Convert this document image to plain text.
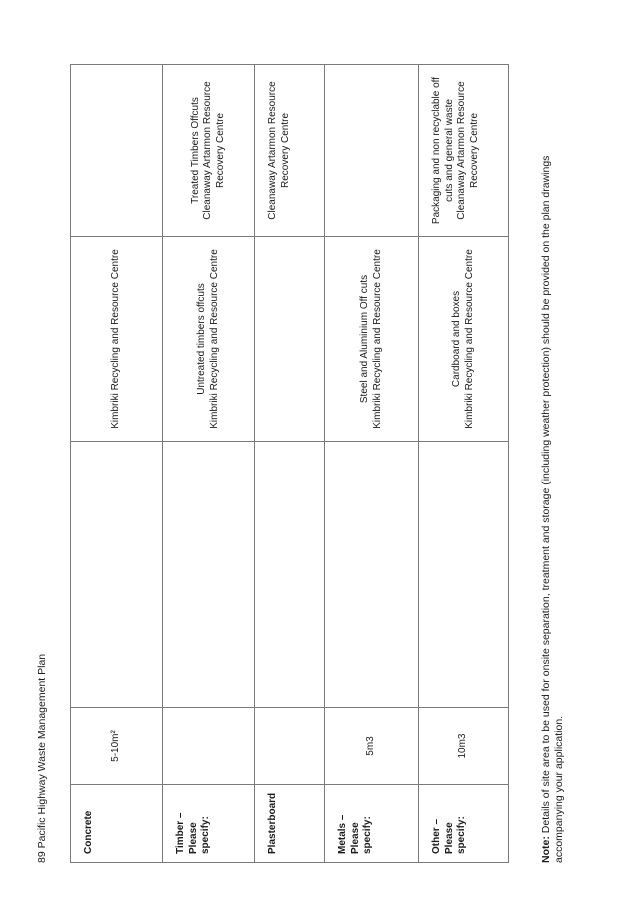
89 Pacific Highway Waste Management Plan	Concrete	5-10m²		Kimbriki Recycling and Resource Centre	

Timber – Please specify:			Untreated timbers offcuts Kimbriki Recycling and Resource Centre	Treated Timbers Offcuts Cleanaway Artarmon Resource Recovery Centre

Plasterboard				Cleanaway Artarmon Resource Recovery Centre

Metals – Please specify:	5m3		Steel and Aluminium Off cuts Kimbriki Recycling and Resource Centre	

Other – Please specify:	10m3		Cardboard and boxes Kimbriki Recycling and Resource Centre	Packaging and non recyclable off cuts and general waste Cleanaway Artarmon Resource Recovery Centre
Note: Details of site area to be used for onsite separation, treatment and storage (including weather protection) should be provided on the plan drawings accompanying your application.
